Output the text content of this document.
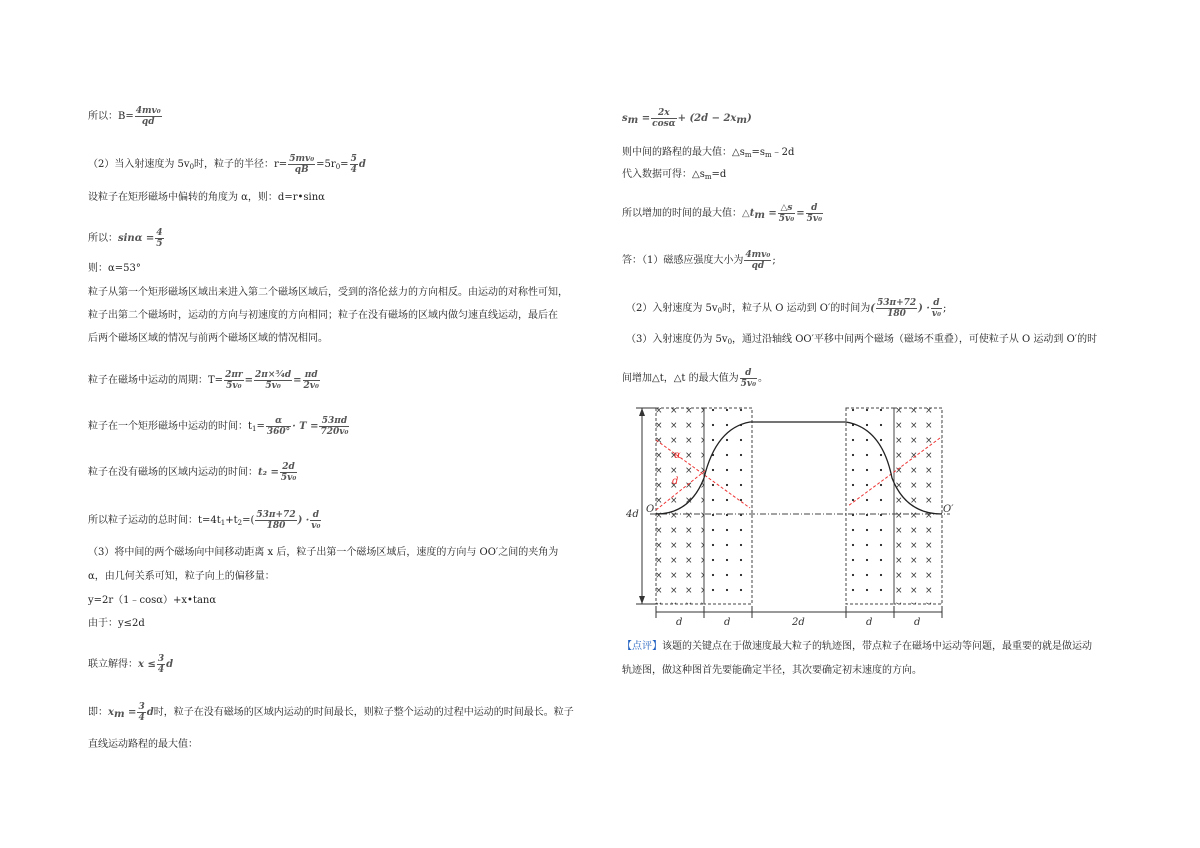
所以：$B= \frac{\text{4mv₀}}{qd}$
（2）当入射速度为 $5v_0$时，粒子的半径：$r= \frac{\text{5mv₀}}{qB} =5r_0= \frac{5}{4}$ d
设粒子在矩形磁场中偏转的角度为 α，则：d=r•sinα
所以：$\sin\alpha = \frac{4}{5}$
则：α=53°
粒子从第一个矩形磁场区域出来进入第二个磁场区域后，受到的洛伦兹力的方向相反。由运动的对称性可知，
粒子出第二个磁场时，运动的方向与初速度的方向相同；粒子在没有磁场的区域内做匀速直线运动，最后在
后两个磁场区域的情况与前两个磁场区域的情况相同。
粒子在磁场中运动的周期：$T= \frac{2\pi r}{\text{5v₀}} = \frac{\text{2π×⁵⁄₄d}}{\text{5v₀}} = \frac{\pi d}{\text{2v₀}}$
粒子在一个矩形磁场中运动的时间：$t_1= \frac{\alpha}{360^\circ} \cdot T = \frac{53\pi d}{\text{720v₀}}$
粒子在没有磁场的区域内运动的时间：$t_2 = \frac{2d}{\text{5v₀}}$
所以粒子运动的总时间：$t=4t_1+t_2=( \frac{53\pi+72}{180}$ ) · $\frac{d}{\text{v₀}}$
（3）将中间的两个磁场向中间移动距离 x 后，粒子出第一个磁场区域后，速度的方向与 OO′之间的夹角为
α，由几何关系可知，粒子向上的偏移量：
y=2r（1﹣cosα）+x•tanα
由于：y≤2d
联立解得：$x \le \frac{3}{4}$ d
即：$x_m = \frac{3}{4}$ d时，粒子在没有磁场的区域内运动的时间最长，则粒子整个运动的过程中运动的时间最长。粒子
直线运动路程的最大值：
$s_m = \frac{2x}{\cos\alpha} + (2d - 2x_m)$
则中间的路程的最大值：$\triangle s_m=s_m﹣2d$
代入数据可得：$\triangle s_m=d$
所以增加的时间的最大值：$\triangle t_m = \frac{\triangle s}{\text{5v₀}} = \frac{d}{\text{5v₀}}$
答：（1）磁感应强度大小为 $\frac{\text{4mv₀}}{qd}$ ;
（2）入射速度为 $5v_0$时，粒子从 O 运动到 O′的时间为( $\frac{53\pi+72}{180}$ ) · $\frac{d}{\text{v₀}}$ ;
（3）入射速度仍为 $5v_0$，通过沿轴线 OO′平移中间两个磁场（磁场不重叠），可使粒子从 O 运动到 O′的时
间增加△t，△t 的最大值为 $\frac{d}{\text{5v₀}}$ 。
4d O	O′
α
d
d	d	2d	d	d
【点评】该题的关键点在于做速度最大粒子的轨迹图，带点粒子在磁场中运动等问题，最重要的就是做运动
轨迹图，做这种图首先要能确定半径，其次要确定初末速度的方向。
